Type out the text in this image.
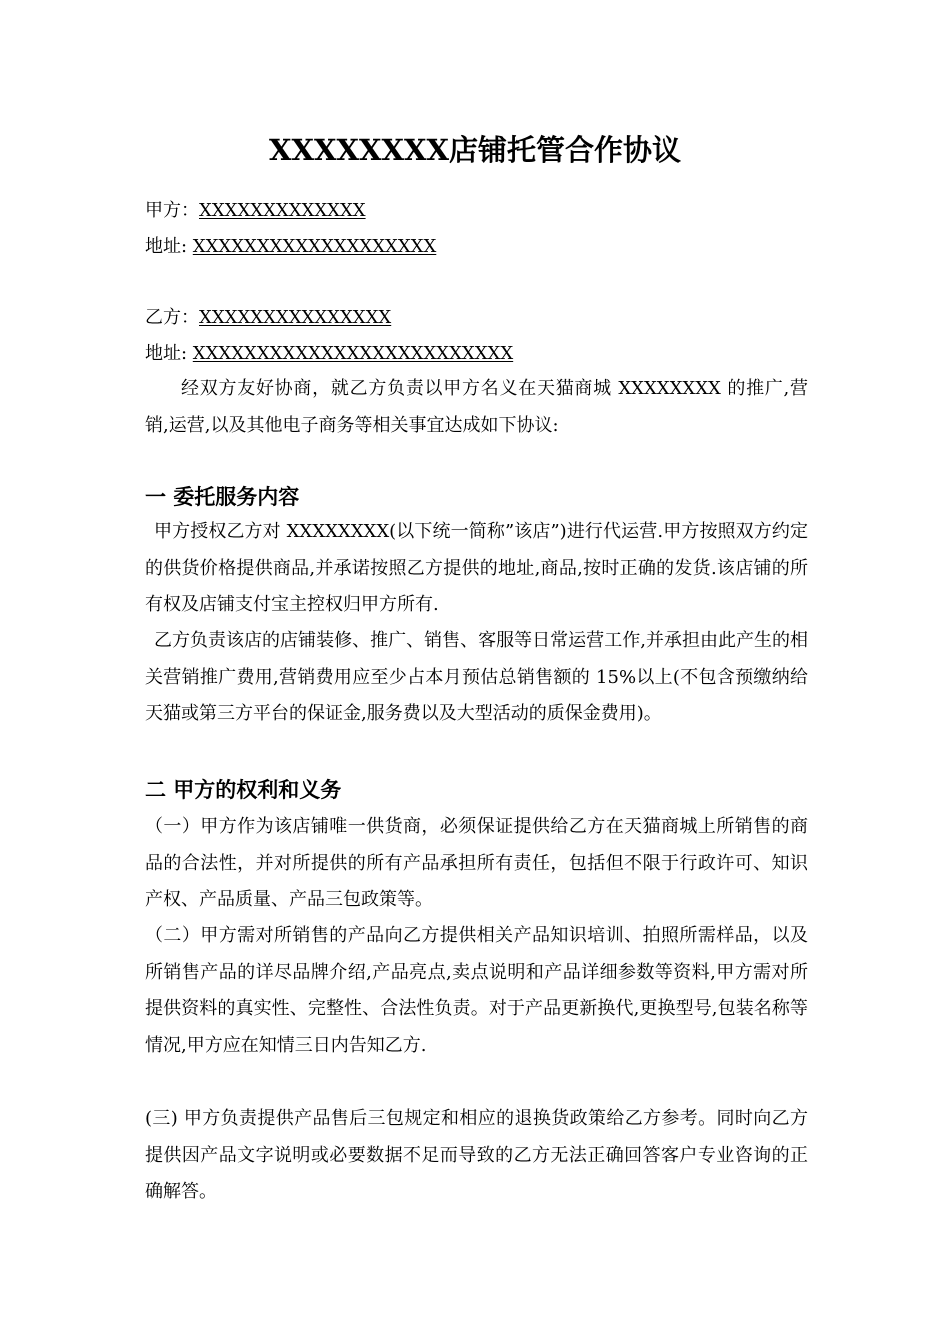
XXXXXXXX店铺托管合作协议

甲方：XXXXXXXXXXXXX

地址: XXXXXXXXXXXXXXXXXXX

乙方：XXXXXXXXXXXXXXX

地址: XXXXXXXXXXXXXXXXXXXXXXXXX

经双方友好协商，就乙方负责以甲方名义在天猫商城 XXXXXXXX 的推广,营销,运营,以及其他电子商务等相关事宜达成如下协议:

一 委托服务内容

甲方授权乙方对 XXXXXXXX(以下统一简称”该店”)进行代运营.甲方按照双方约定的供货价格提供商品,并承诺按照乙方提供的地址,商品,按时正确的发货.该店铺的所有权及店铺支付宝主控权归甲方所有.

乙方负责该店的店铺装修、推广、销售、客服等日常运营工作,并承担由此产生的相关营销推广费用,营销费用应至少占本月预估总销售额的 15%以上(不包含预缴纳给天猫或第三方平台的保证金,服务费以及大型活动的质保金费用)。

二 甲方的权利和义务

（一）甲方作为该店铺唯一供货商，必须保证提供给乙方在天猫商城上所销售的商品的合法性，并对所提供的所有产品承担所有责任，包括但不限于行政许可、知识产权、产品质量、产品三包政策等。

（二）甲方需对所销售的产品向乙方提供相关产品知识培训、拍照所需样品，以及所销售产品的详尽品牌介绍,产品亮点,卖点说明和产品详细参数等资料,甲方需对所提供资料的真实性、完整性、合法性负责。对于产品更新换代,更换型号,包装名称等情况,甲方应在知情三日内告知乙方.

(三) 甲方负责提供产品售后三包规定和相应的退换货政策给乙方参考。同时向乙方提供因产品文字说明或必要数据不足而导致的乙方无法正确回答客户专业咨询的正确解答。
